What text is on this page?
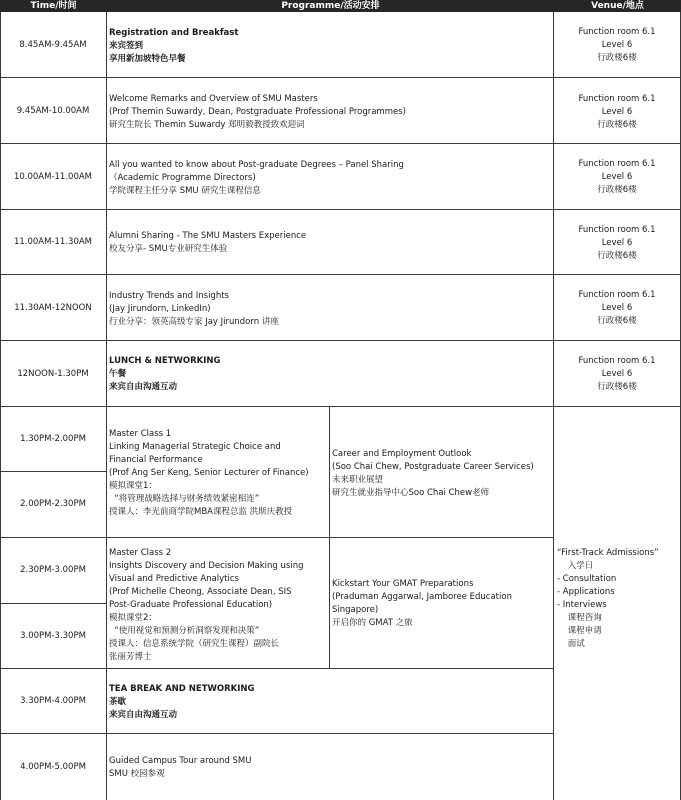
Time/时间	Programme/活动安排	Venue/地点
8.45AM-9.45AM
9.45AM-10.00AM
10.00AM-11.00AM
11.00AM-11.30AM
11.30AM-12NOON
12NOON-1.30PM
Registration and Breakfast
来宾签到
享用新加坡特色早餐
Welcome Remarks and Overview of SMU Masters
(Prof Themin Suwardy, Dean, Postgraduate Professional Programmes)
研究生院长 Themin Suwardy 郑明毅教授致欢迎词
All you wanted to know about Post-graduate Degrees – Panel Sharing
（Academic Programme Directors)
学院课程主任分享 SMU 研究生课程信息
Alumni Sharing - The SMU Masters Experience
校友分享- SMU专业研究生体验
Industry Trends and Insights
(Jay Jirundorn, LinkedIn)
行业分享：领英高级专家 Jay Jirundorn 讲座
LUNCH & NETWORKING
午餐
来宾自由沟通互动
Function room 6.1
Level 6
行政楼6楼
Function room 6.1
Level 6
行政楼6楼
Function room 6.1
Level 6
行政楼6楼
Function room 6.1
Level 6
行政楼6楼
Function room 6.1
Level 6
行政楼6楼
Function room 6.1
Level 6
行政楼6楼
1.30PM-2.00PM
2.00PM-2.30PM
2.30PM-3.00PM
3.00PM-3.30PM
3.30PM-4.00PM
4.00PM-5.00PM
Master Class 1
Linking Managerial Strategic Choice and
Financial Performance
(Prof Ang Ser Keng, Senior Lecturer of Finance)
模拟课堂1：
“将管理战略选择与财务绩效紧密相连”
授课人：李光前商学院MBA课程总监 洪斯庆教授
Career and Employment Outlook
(Soo Chai Chew, Postgraduate Career Services)
未来职业展望
研究生就业指导中心Soo Chai Chew老师
Master Class 2
Insights Discovery and Decision Making using
Visual and Predictive Analytics
(Prof Michelle Cheong, Associate Dean, SIS
Post-Graduate Professional Education)
模拟课堂2：
“使用视觉和预测分析洞察发现和决策”
授课人：信息系统学院（研究生课程）副院长
张丽芳博士
Kickstart Your GMAT Preparations
(Praduman Aggarwal, Jamboree Education
Singapore)
开启你的 GMAT 之旅
TEA BREAK AND NETWORKING
茶歇
来宾自由沟通互动
Guided Campus Tour around SMU
SMU 校园参观
“First-Track Admissions”
入学日
- Consultation
- Applications
- Interviews
课程咨询
课程申请
面试
